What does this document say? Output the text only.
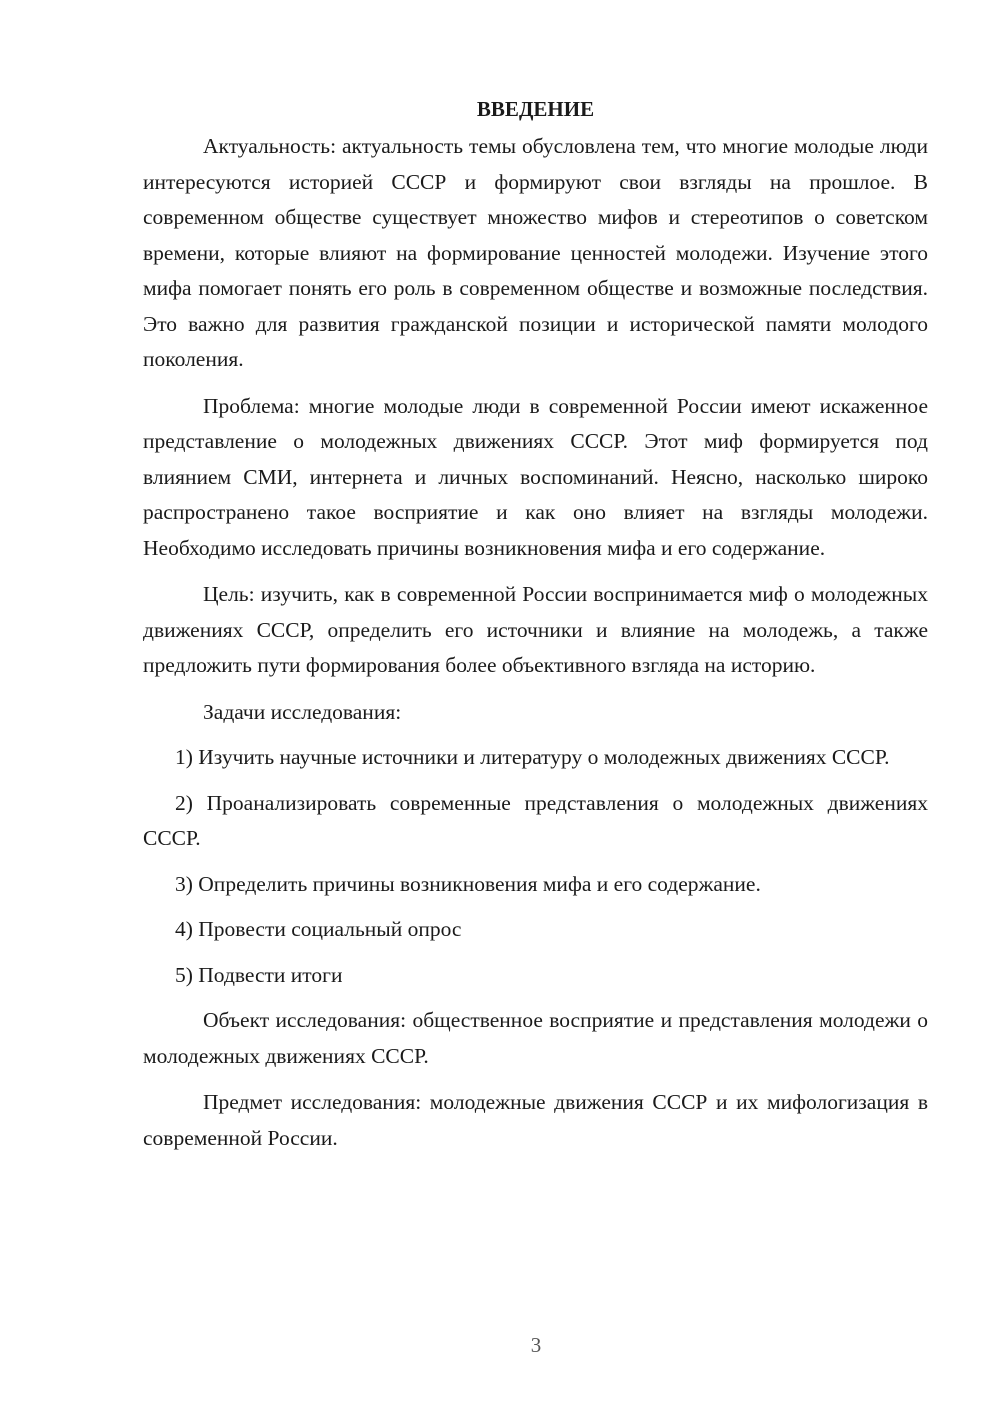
ВВЕДЕНИЕ

Актуальность: актуальность темы обусловлена тем, что многие молодые люди интересуются историей СССР и формируют свои взгляды на прошлое. В современном обществе существует множество мифов и стереотипов о советском времени, которые влияют на формирование ценностей молодежи. Изучение этого мифа помогает понять его роль в современном обществе и возможные последствия. Это важно для развития гражданской позиции и исторической памяти молодого поколения.

Проблема: многие молодые люди в современной России имеют искаженное представление о молодежных движениях СССР. Этот миф формируется под влиянием СМИ, интернета и личных воспоминаний. Неясно, насколько широко распространено такое восприятие и как оно влияет на взгляды молодежи. Необходимо исследовать причины возникновения мифа и его содержание.

Цель: изучить, как в современной России воспринимается миф о молодежных движениях СССР, определить его источники и влияние на молодежь, а также предложить пути формирования более объективного взгляда на историю.

Задачи исследования:

1) Изучить научные источники и литературу о молодежных движениях СССР.

2) Проанализировать современные представления о молодежных движениях СССР.

3) Определить причины возникновения мифа и его содержание.

4) Провести социальный опрос

5) Подвести итоги

Объект исследования: общественное восприятие и представления молодежи о молодежных движениях СССР.

Предмет исследования: молодежные движения СССР и их мифологизация в современной России.

3
